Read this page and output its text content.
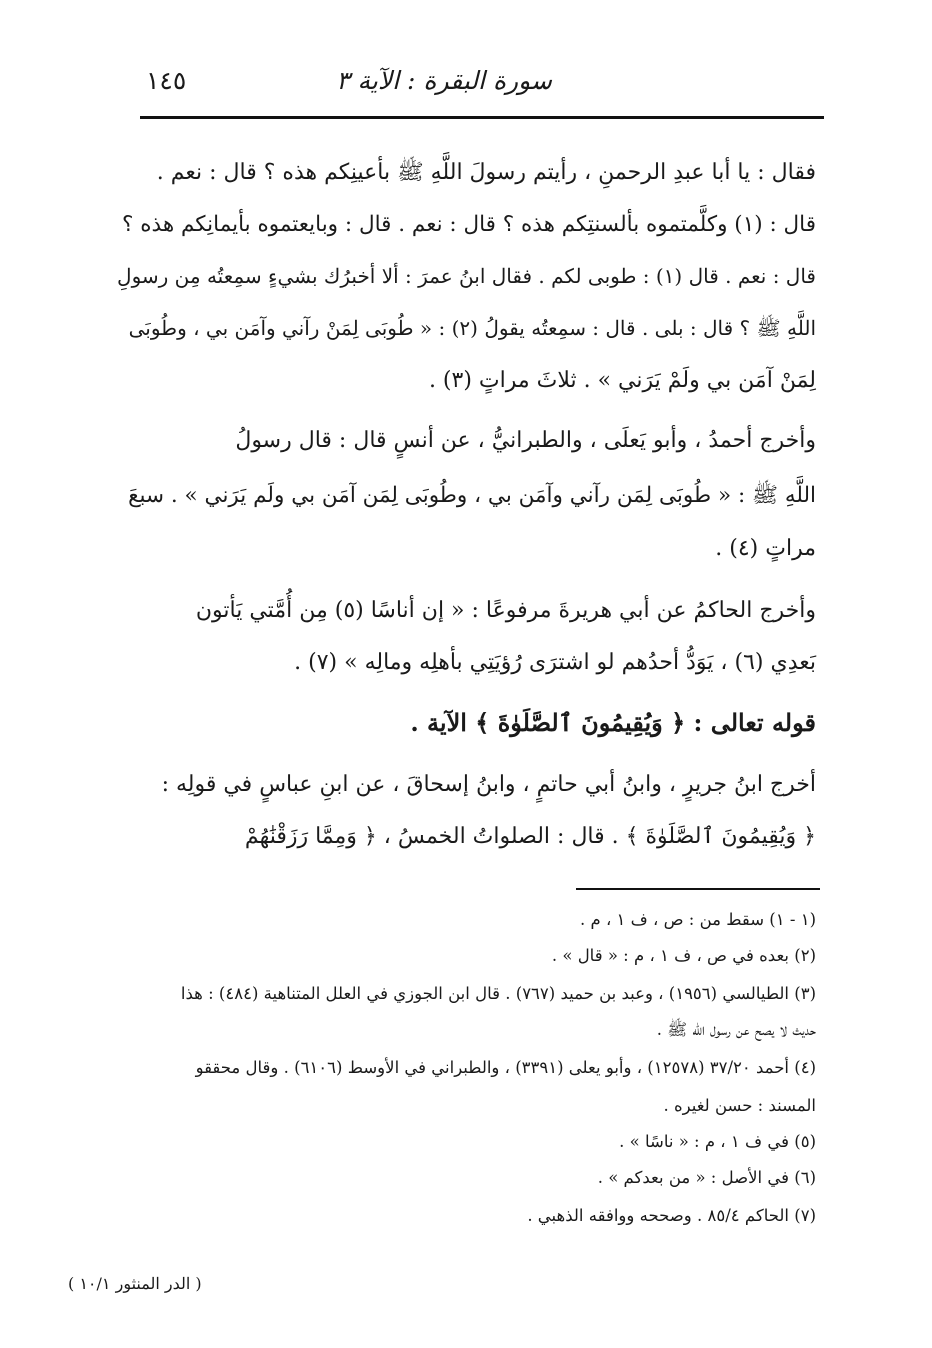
سورة البقرة : الآية ٣
١٤٥
فقال : يا أبا عبدِ الرحمنِ ، رأيتم رسولَ اللَّهِ ﷺ بأعينِكم هذه ؟ قال : نعم .
قال : (١) وكلَّمتموه بألسنتِكم هذه ؟ قال : نعم . قال : وبايعتموه بأيمانِكم هذه ؟
قال : نعم . قال (١) : طوبى لكم . فقال ابنُ عمرَ : ألا أخبرُك بشيءٍ سمِعتُه مِن رسولِ
اللَّهِ ﷺ ؟ قال : بلى . قال : سمِعتُه يقولُ (٢) : « طُوبَى لِمَنْ رآني وآمَن بي ، وطُوبَى
لِمَنْ آمَن بي ولَمْ يَرَني » . ثلاثَ مراتٍ (٣) .
وأخرج أحمدُ ، وأبو يَعلَى ، والطبرانيُّ ، عن أنسٍ قال : قال رسولُ
اللَّهِ ﷺ : « طُوبَى لِمَن رآني وآمَن بي ، وطُوبَى لِمَن آمَن بي ولَم يَرَني » . سبعَ
مراتٍ (٤) .
وأخرج الحاكمُ عن أبي هريرةَ مرفوعًا : « إن أناسًا (٥) مِن أُمَّتي يَأتون
بَعدِي (٦) ، يَوَدُّ أحدُهم لو اشترَى رُؤيَتِي بأهلِه ومالِه » (٧) .
قوله تعالى : ﴿ وَيُقِيمُونَ ٱلصَّلَوٰةَ ﴾ الآية .
أخرج ابنُ جريرٍ ، وابنُ أبي حاتمٍ ، وابنُ إسحاقَ ، عن ابنِ عباسٍ في قولِه :
﴿ وَيُقِيمُونَ ٱلصَّلَوٰةَ ﴾ . قال : الصلواتُ الخمسُ ، ﴿ وَمِمَّا رَزَقْنَٰهُمْ
(١ - ١) سقط من : ص ، ف ١ ، م .
(٢) بعده في ص ، ف ١ ، م : « قال » .
(٣) الطيالسي (١٩٥٦) ، وعبد بن حميد (٧٦٧) . قال ابن الجوزي في العلل المتناهية (٤٨٤) : هذا
حديث لا يصح عن رسول الله ﷺ .
(٤) أحمد ٣٧/٢٠ (١٢٥٧٨) ، وأبو يعلى (٣٣٩١) ، والطبراني في الأوسط (٦١٠٦) . وقال محققو
المسند : حسن لغيره .
(٥) في ف ١ ، م : « ناسًا » .
(٦) في الأصل : « من بعدكم » .
(٧) الحاكم ٨٥/٤ . وصححه ووافقه الذهبي .
( الدر المنثور ١٠/١ )
